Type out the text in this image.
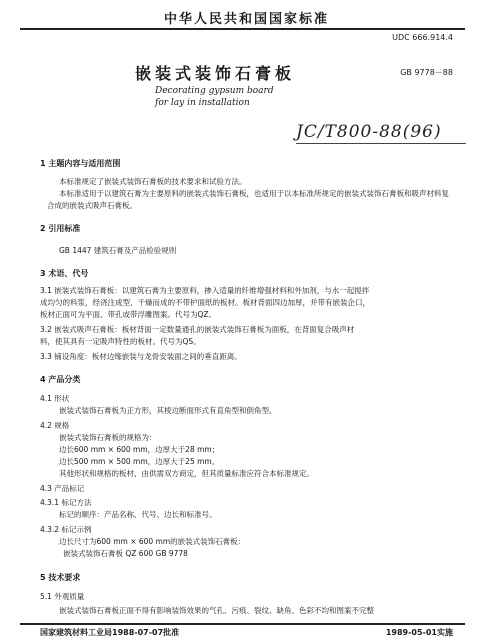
中华人民共和国国家标准
UDC 666.914.4
嵌装式装饰石膏板	GB 9778－88
Decorating gypsum board
for lay in installation
JC/T800-88(96)
1 主题内容与适用范围
本标准规定了嵌装式装饰石膏板的技术要求和试验方法。
本标准适用于以建筑石膏为主要原料的嵌装式装饰石膏板，也适用于以本标准所规定的嵌装式装饰石膏板和吸声材料复
合成的嵌装式吸声石膏板。
2 引用标准
GB 1447 建筑石膏及产品检验规则
3 术语、代号
3.1 嵌装式装饰石膏板：以建筑石膏为主要原料，掺入适量的纤维增强材料和外加剂，与水一起搅拌
成均匀的料浆，经浇注成型、干燥而成的不带护面纸的板材。板材背面四边加厚，并带有嵌装企口，
板材正面可为平面、带孔或带浮雕图案。代号为QZ。
3.2 嵌装式吸声石膏板：板材背面一定数量通孔的嵌装式装饰石膏板为面板，在背面复合吸声材
料，使其具有一定吸声特性的板材。代号为QS。
3.3 铺设角度：板材边缘嵌装与龙骨安装面之间的垂直距离。
4 产品分类
4.1 形状
嵌装式装饰石膏板为正方形，其棱边断面形式有直角型和倒角型。
4.2 规格
嵌装式装饰石膏板的规格为：
边长600 mm × 600 mm，边厚大于28 mm；
边长500 mm × 500 mm，边厚大于25 mm。
其他形状和规格的板材，由供需双方商定，但其质量标准应符合本标准规定。
4.3 产品标记
4.3.1 标记方法
标记的顺序：产品名称、代号、边长和标准号。
4.3.2 标记示例
边长尺寸为600 mm × 600 mm的嵌装式装饰石膏板：
嵌装式装饰石膏板 QZ 600 GB 9778
5 技术要求
5.1 外观质量
嵌装式装饰石膏板正面不得有影响装饰效果的气孔、污痕、裂纹、缺角、色彩不均和图案不完整
国家建筑材料工业局1988-07-07批准	1989-05-01实施
